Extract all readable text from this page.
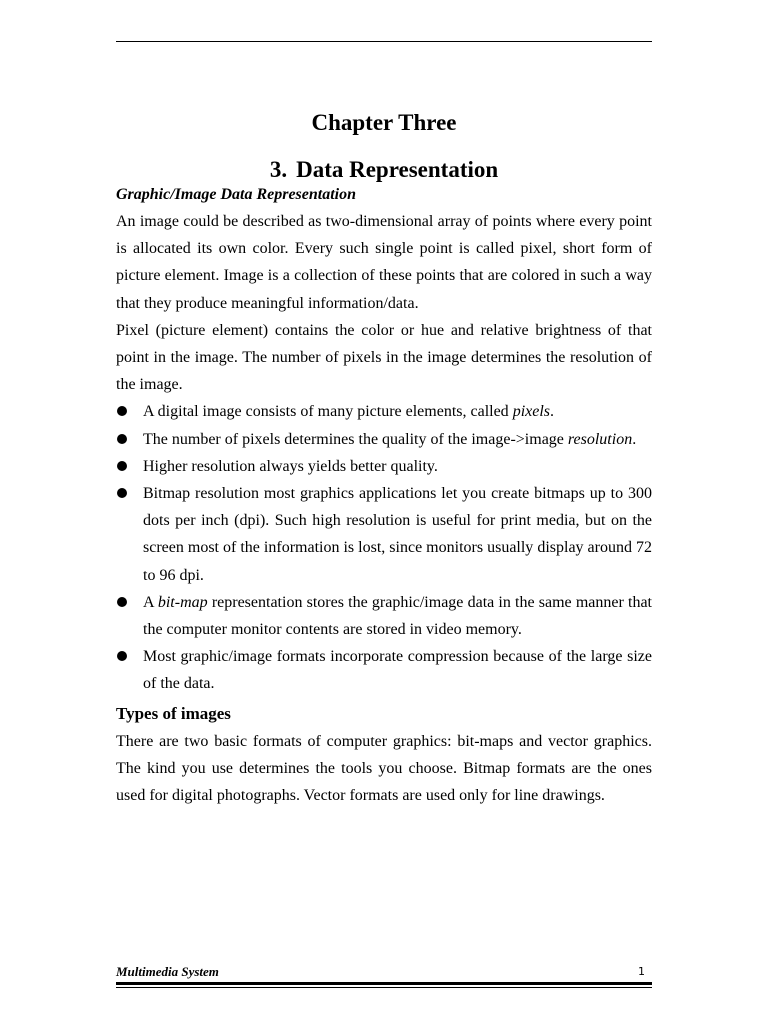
Chapter Three
3. Data Representation
Graphic/Image Data Representation

An image could be described as two-dimensional array of points where every point is allocated its own color. Every such single point is called pixel, short form of picture element. Image is a collection of these points that are colored in such a way that they produce meaningful information/data.

Pixel (picture element) contains the color or hue and relative brightness of that point in the image. The number of pixels in the image determines the resolution of the image.

A digital image consists of many picture elements, called pixels.
The number of pixels determines the quality of the image->image resolution.
Higher resolution always yields better quality.
Bitmap resolution most graphics applications let you create bitmaps up to 300 dots per inch (dpi). Such high resolution is useful for print media, but on the screen most of the information is lost, since monitors usually display around 72 to 96 dpi.
A bit-map representation stores the graphic/image data in the same manner that the computer monitor contents are stored in video memory.
Most graphic/image formats incorporate compression because of the large size of the data.
Types of images

There are two basic formats of computer graphics: bit-maps and vector graphics. The kind you use determines the tools you choose. Bitmap formats are the ones used for digital photographs. Vector formats are used only for line drawings.

Multimedia System	1
